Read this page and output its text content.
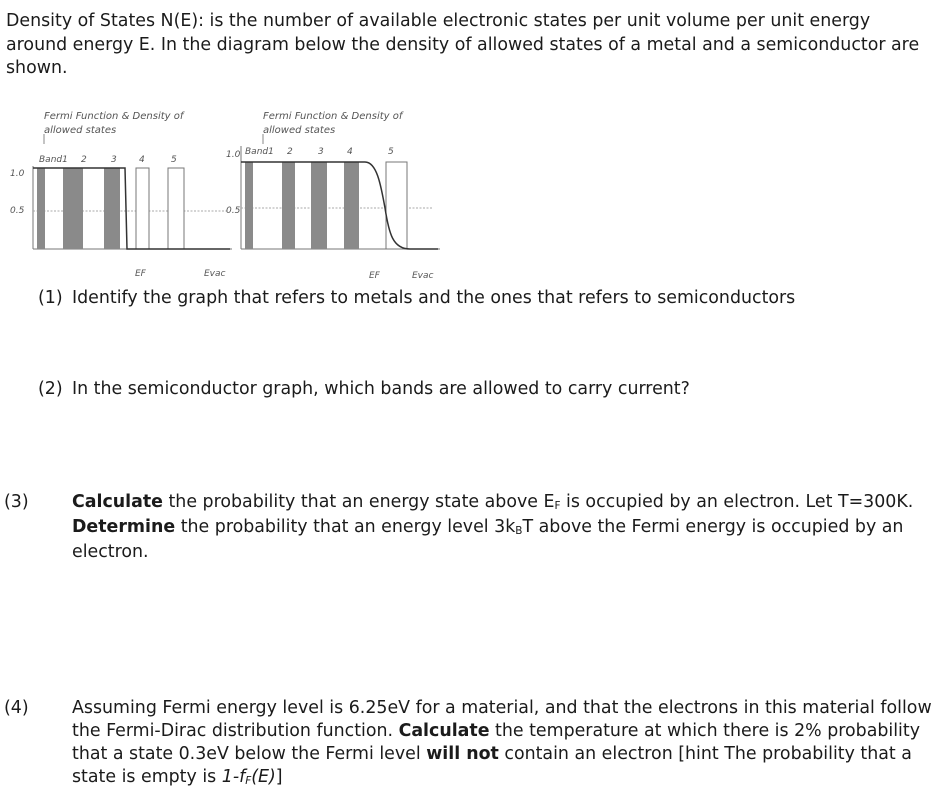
Density of States N(E): is the number of available electronic states per unit volume per unit energy around energy E. In the diagram below the density of allowed states of a metal and a semiconductor are shown.

Fermi Function & Density of
allowed states
Band1 2	3 4	5
1.0
0.5
EF	Evac
Fermi Function & Density of
allowed states
Band1 2	3	4	5
1.0
0.5
EF	Evac

(1) Identify the graph that refers to metals and the ones that refers to semiconductors

(2) In the semiconductor graph, which bands are allowed to carry current?

(3) Calculate the probability that an energy state above $E_F$ is occupied by an electron. Let T=300K. Determine the probability that an energy level $3k_BT$ above the Fermi energy is occupied by an electron.

(4) Assuming Fermi energy level is 6.25eV for a material, and that the electrons in this material follow the Fermi-Dirac distribution function. Calculate the temperature at which there is 2% probability that a state 0.3eV below the Fermi level will not contain an electron [hint The probability that a state is empty is $1-f_F(E)$]
